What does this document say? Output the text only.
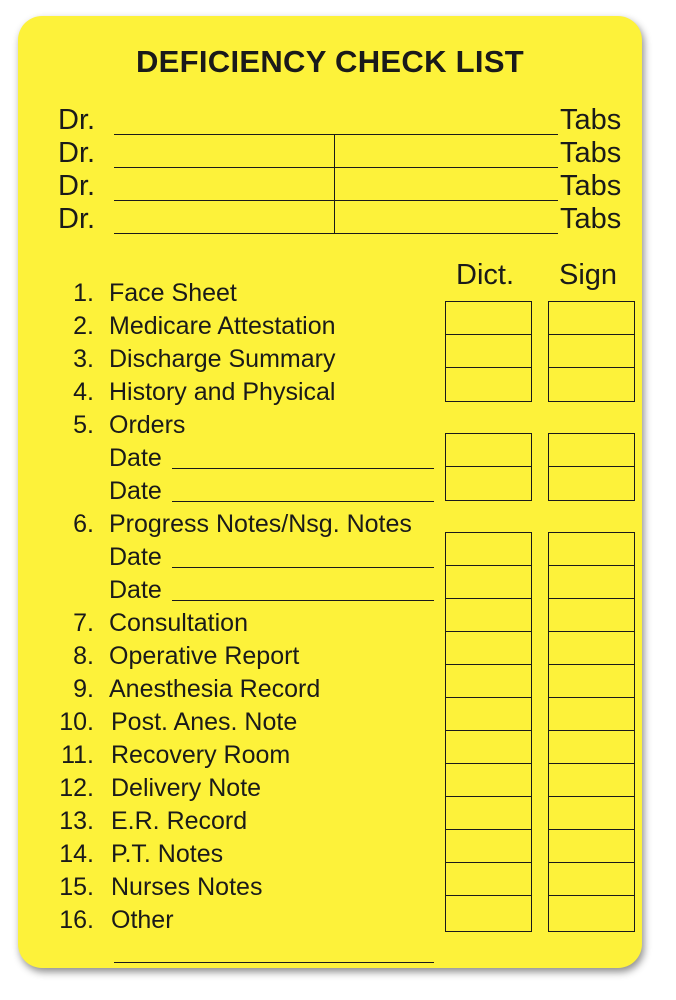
DEFICIENCY CHECK LIST
Dr.
Dr.
Dr.
Dr.
Tabs
Tabs
Tabs
Tabs
Dict. Sign
1.
2.
3.
4.
5.
6.
7.
8.
9.
10.
11.
12.
13.
14.
15.
16.
Face Sheet
Medicare Attestation
Discharge Summary
History and Physical
Orders
Date
Date
Progress Notes/Nsg. Notes
Date
Date
Consultation
Operative Report
Anesthesia Record
Post. Anes. Note
Recovery Room
Delivery Note
E.R. Record
P.T. Notes
Nurses Notes
Other
